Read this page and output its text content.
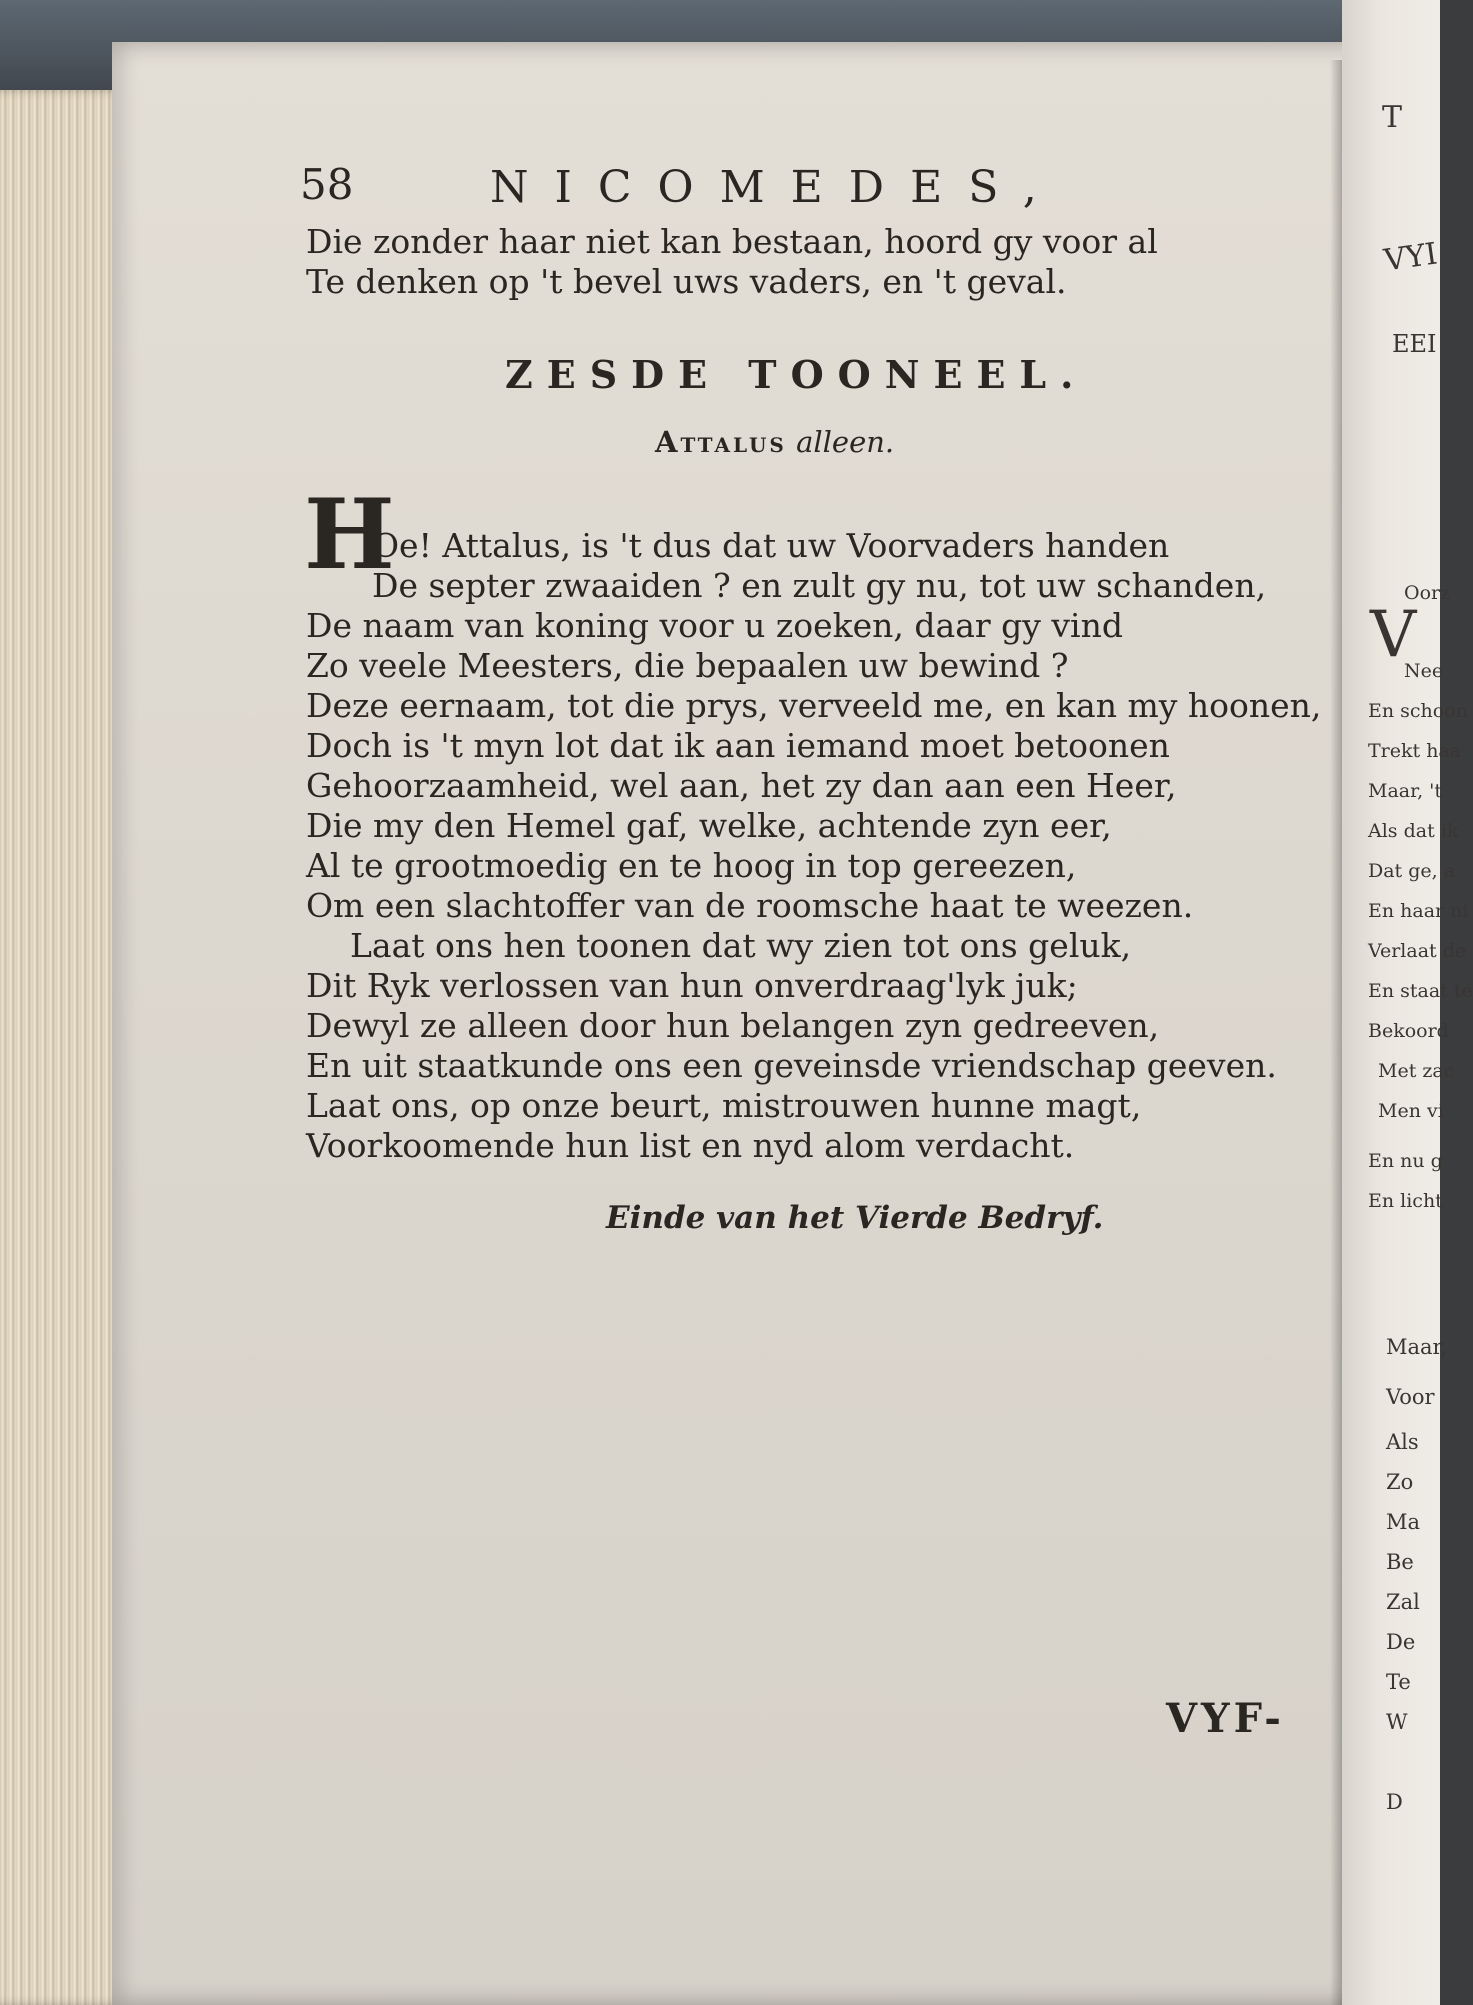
T
VYI
EEI
V
Oorz
Nee
En schoon
Trekt haa
Maar, 't
Als dat ik
Dat ge, a
En haar ni
Verlaat de
En staat te
Bekoord
Met zac
Men vi
En nu g
En licht
Maar,
Voor
Als
Zo
Ma
Be
Zal
De
Te
W
D
58	NICOMEDES,
Die zonder haar niet kan bestaan, hoord gy voor al
Te denken op 't bevel uws vaders, en 't geval.
ZESDE TOONEEL.
Attalus alleen.
H
Oe! Attalus, is 't dus dat uw Voorvaders handen
De septer zwaaiden ? en zult gy nu, tot uw schanden,
De naam van koning voor u zoeken, daar gy vind
Zo veele Meesters, die bepaalen uw bewind ?
Deze eernaam, tot die prys, verveeld me, en kan my hoonen,
Doch is 't myn lot dat ik aan iemand moet betoonen
Gehoorzaamheid, wel aan, het zy dan aan een Heer,
Die my den Hemel gaf, welke, achtende zyn eer,
Al te grootmoedig en te hoog in top gereezen,
Om een slachtoffer van de roomsche haat te weezen.
Laat ons hen toonen dat wy zien tot ons geluk,
Dit Ryk verlossen van hun onverdraag'lyk juk;
Dewyl ze alleen door hun belangen zyn gedreeven,
En uit staatkunde ons een geveinsde vriendschap geeven.
Laat ons, op onze beurt, mistrouwen hunne magt,
Voorkoomende hun list en nyd alom verdacht.
Einde van het Vierde Bedryf.
VYF-
